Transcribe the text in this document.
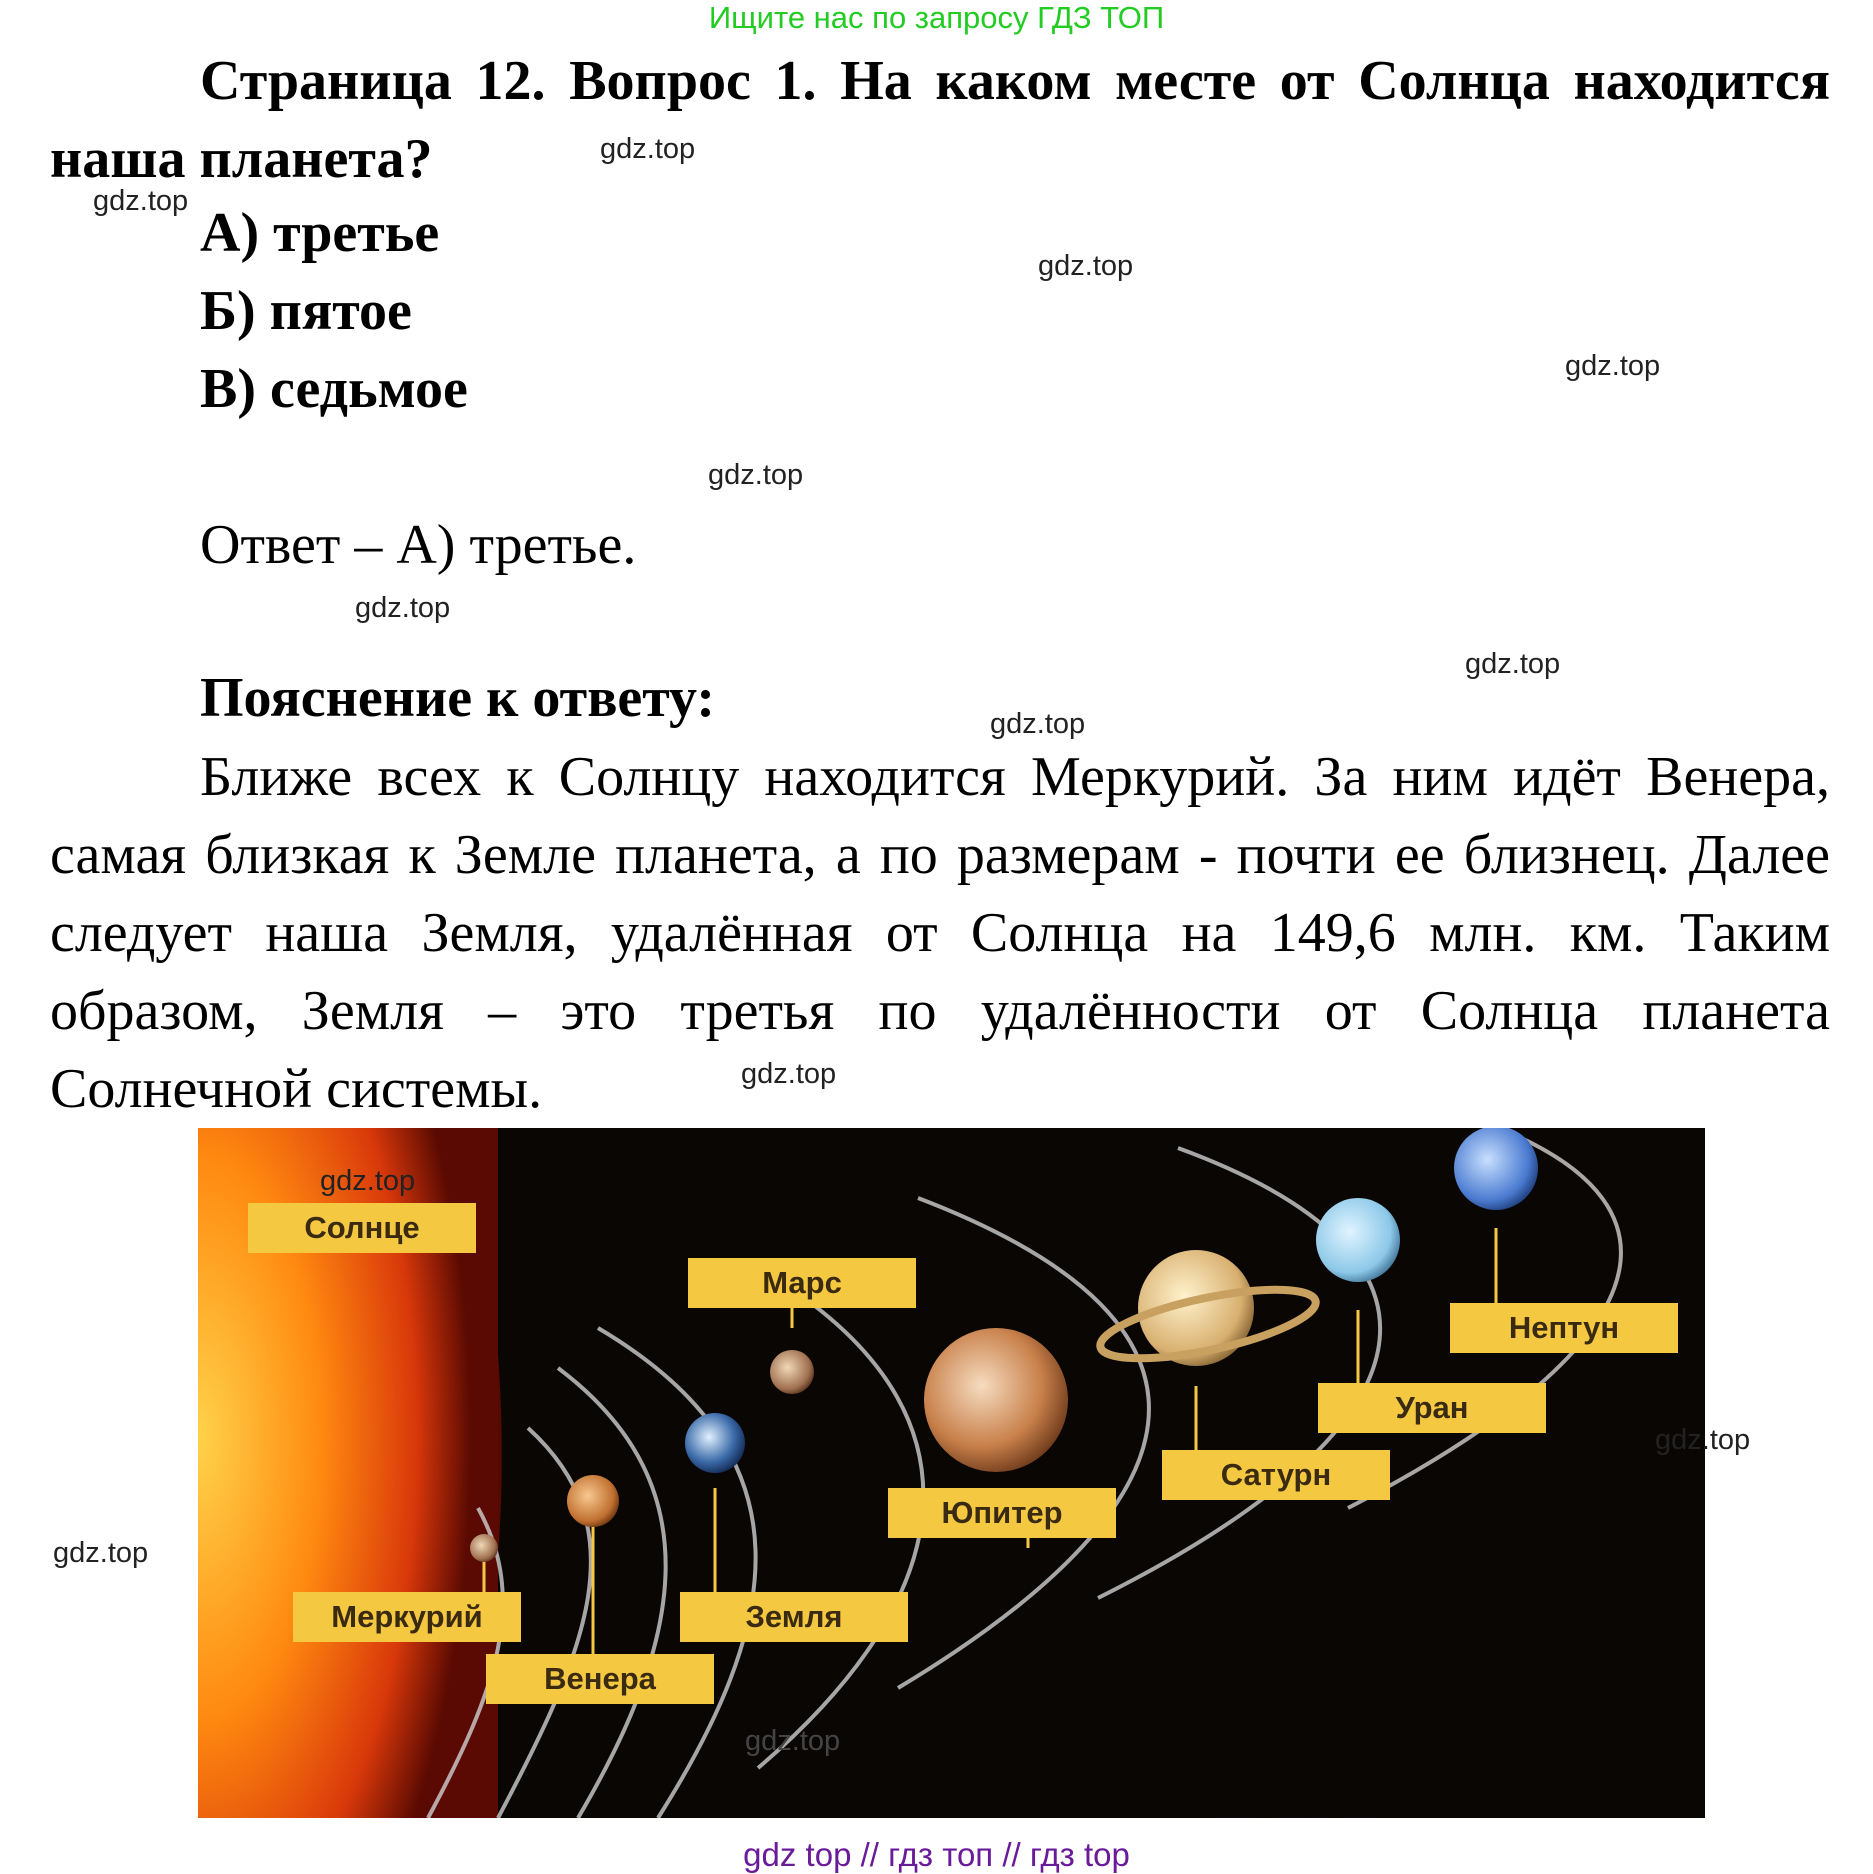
Ищите нас по запросу ГДЗ ТОП
Страница 12. Вопрос 1. На каком месте от Солнца находится наша планета?
А) третье
Б) пятое
В) седьмое
Ответ – А) третье.
Пояснение к ответу:
Ближе всех к Солнцу находится Меркурий. За ним идёт Венера, самая близкая к Земле планета, а по размерам - почти ее близнец. Далее следует наша Земля, удалённая от Солнца на 149,6 млн. км. Таким образом, Земля – это третья по удалённости от Солнца планета Солнечной системы.
gdz.top
gdz.top
gdz.top
gdz.top
gdz.top
gdz.top
gdz.top
gdz.top
gdz.top
gdz.top
Солнце
Марс
Нептун
Уран
Сатурн
Юпитер
Земля
Меркурий
Венера
gdz.top
gdz.top
gdz.top
gdz top // гдз топ // гдз top
